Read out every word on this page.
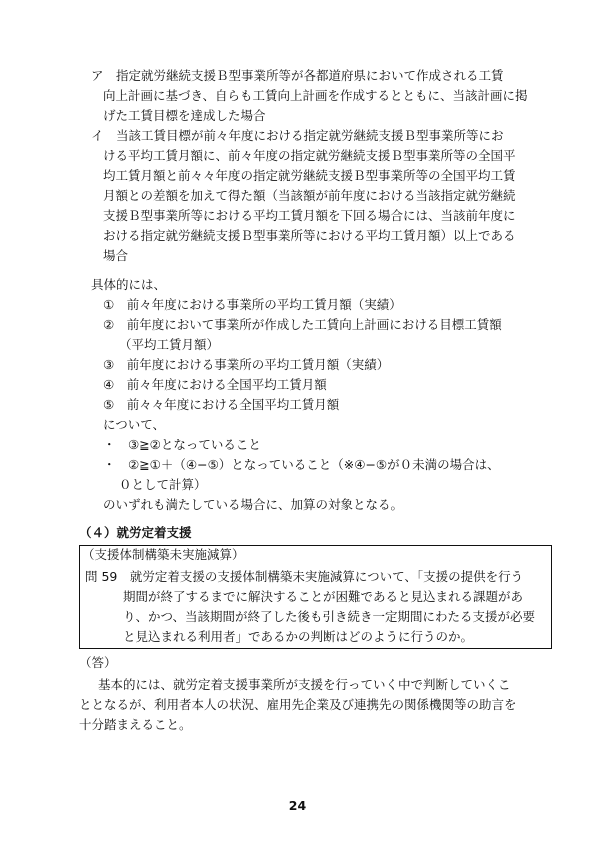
ア　指定就労継続支援Ｂ型事業所等が各都道府県において作成される工賃
向上計画に基づき、自らも工賃向上計画を作成するとともに、当該計画に掲
げた工賃目標を達成した場合
イ　当該工賃目標が前々年度における指定就労継続支援Ｂ型事業所等にお
ける平均工賃月額に、前々年度の指定就労継続支援Ｂ型事業所等の全国平
均工賃月額と前々々年度の指定就労継続支援Ｂ型事業所等の全国平均工賃
月額との差額を加えて得た額（当該額が前年度における当該指定就労継続
支援Ｂ型事業所等における平均工賃月額を下回る場合には、当該前年度に
おける指定就労継続支援Ｂ型事業所等における平均工賃月額）以上である
場合
具体的には、
①　前々年度における事業所の平均工賃月額（実績）
②　前年度において事業所が作成した工賃向上計画における目標工賃額
（平均工賃月額）
③　前年度における事業所の平均工賃月額（実績）
④　前々年度における全国平均工賃月額
⑤　前々々年度における全国平均工賃月額
について、
・　③≧②となっていること
・　②≧①＋（④−⑤）となっていること（※④−⑤が０未満の場合は、
０として計算）
のいずれも満たしている場合に、加算の対象となる。
（４）就労定着支援
（支援体制構築未実施減算）
問 59　就労定着支援の支援体制構築未実施減算について、「支援の提供を行う
期間が終了するまでに解決することが困難であると見込まれる課題があ
り、かつ、当該期間が終了した後も引き続き一定期間にわたる支援が必要
と見込まれる利用者」であるかの判断はどのように行うのか。
（答）
基本的には、就労定着支援事業所が支援を行っていく中で判断していくこ
ととなるが、利用者本人の状況、雇用先企業及び連携先の関係機関等の助言を
十分踏まえること。
24
